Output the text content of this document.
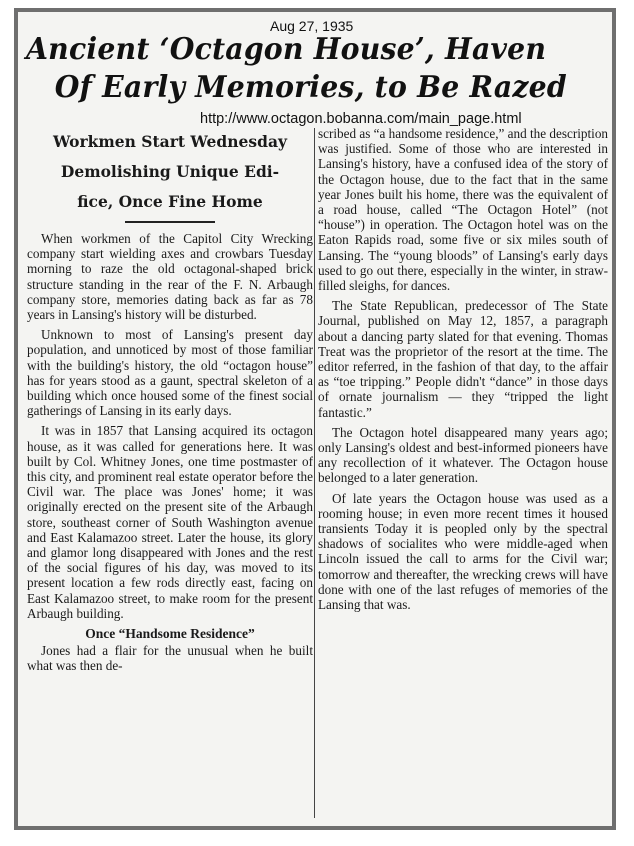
Aug 27, 1935
Ancient ‘Octagon House’, Haven
Of Early Memories, to Be Razed
http://www.octagon.bobanna.com/main_page.html
Workmen Start Wednesday
Demolishing Unique Edi-
fice, Once Fine Home

When workmen of the Capitol City Wrecking company start wielding axes and crowbars Tuesday morning to raze the old octagonal-shaped brick structure standing in the rear of the F. N. Arbaugh company store, memories dating back as far as 78 years in Lansing's history will be disturbed.

Unknown to most of Lansing's present day population, and unnoticed by most of those familiar with the building's history, the old “octagon house” has for years stood as a gaunt, spectral skeleton of a building which once housed some of the finest social gatherings of Lansing in its early days.

It was in 1857 that Lansing acquired its octagon house, as it was called for generations here. It was built by Col. Whitney Jones, one time postmaster of this city, and prominent real estate operator before the Civil war. The place was Jones' home; it was originally erected on the present site of the Arbaugh store, southeast corner of South Washington avenue and East Kalamazoo street. Later the house, its glory and glamor long disappeared with Jones and the rest of the social figures of his day, was moved to its present location a few rods directly east, facing on East Kalamazoo street, to make room for the present Arbaugh building.

Once “Handsome Residence”

Jones had a flair for the unusual when he built what was then de-

scribed as “a handsome residence,” and the description was justified. Some of those who are interested in Lansing's history, have a confused idea of the story of the Octagon house, due to the fact that in the same year Jones built his home, there was the equivalent of a road house, called “The Octagon Hotel” (not “house”) in operation. The Octagon hotel was on the Eaton Rapids road, some five or six miles south of Lansing. The “young bloods” of Lansing's early days used to go out there, especially in the winter, in straw-filled sleighs, for dances.

The State Republican, predecessor of The State Journal, published on May 12, 1857, a paragraph about a dancing party slated for that evening. Thomas Treat was the proprietor of the resort at the time. The editor referred, in the fashion of that day, to the affair as “toe tripping.” People didn't “dance” in those days of ornate journalism — they “tripped the light fantastic.”

The Octagon hotel disappeared many years ago; only Lansing's oldest and best-informed pioneers have any recollection of it whatever. The Octagon house belonged to a later generation.

Of late years the Octagon house was used as a rooming house; in even more recent times it housed transients Today it is peopled only by the spectral shadows of socialites who were middle-aged when Lincoln issued the call to arms for the Civil war; tomorrow and thereafter, the wrecking crews will have done with one of the last refuges of memories of the Lansing that was.
